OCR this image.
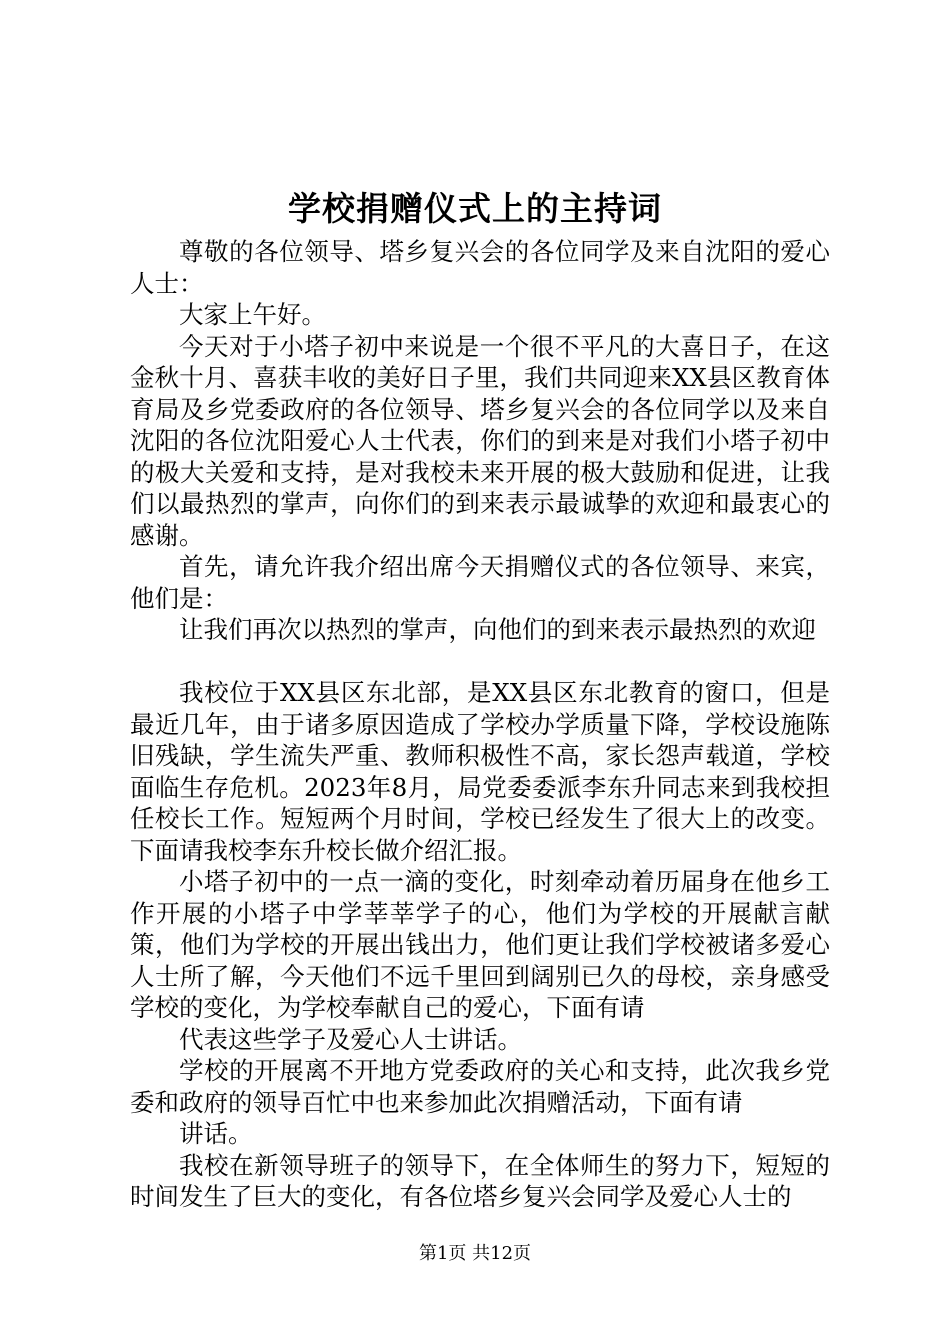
学校捐赠仪式上的主持词

尊敬的各位领导、塔乡复兴会的各位同学及来自沈阳的爱心人士：

大家上午好。

今天对于小塔子初中来说是一个很不平凡的大喜日子，在这金秋十月、喜获丰收的美好日子里，我们共同迎来XX县区教育体育局及乡党委政府的各位领导、塔乡复兴会的各位同学以及来自沈阳的各位沈阳爱心人士代表，你们的到来是对我们小塔子初中的极大关爱和支持，是对我校未来开展的极大鼓励和促进，让我们以最热烈的掌声，向你们的到来表示最诚挚的欢迎和最衷心的感谢。

首先，请允许我介绍出席今天捐赠仪式的各位领导、来宾，他们是：

让我们再次以热烈的掌声，向他们的到来表示最热烈的欢迎

我校位于XX县区东北部，是XX县区东北教育的窗口，但是最近几年，由于诸多原因造成了学校办学质量下降，学校设施陈旧残缺，学生流失严重、教师积极性不高，家长怨声载道，学校面临生存危机。2023年8月，局党委委派李东升同志来到我校担任校长工作。短短两个月时间，学校已经发生了很大上的改变。下面请我校李东升校长做介绍汇报。

小塔子初中的一点一滴的变化，时刻牵动着历届身在他乡工作开展的小塔子中学莘莘学子的心，他们为学校的开展献言献策，他们为学校的开展出钱出力，他们更让我们学校被诸多爱心人士所了解，今天他们不远千里回到阔别已久的母校，亲身感受学校的变化，为学校奉献自己的爱心，下面有请

代表这些学子及爱心人士讲话。

学校的开展离不开地方党委政府的关心和支持，此次我乡党委和政府的领导百忙中也来参加此次捐赠活动，下面有请

讲话。

我校在新领导班子的领导下，在全体师生的努力下，短短的时间发生了巨大的变化，有各位塔乡复兴会同学及爱心人士的

第1页 共12页
